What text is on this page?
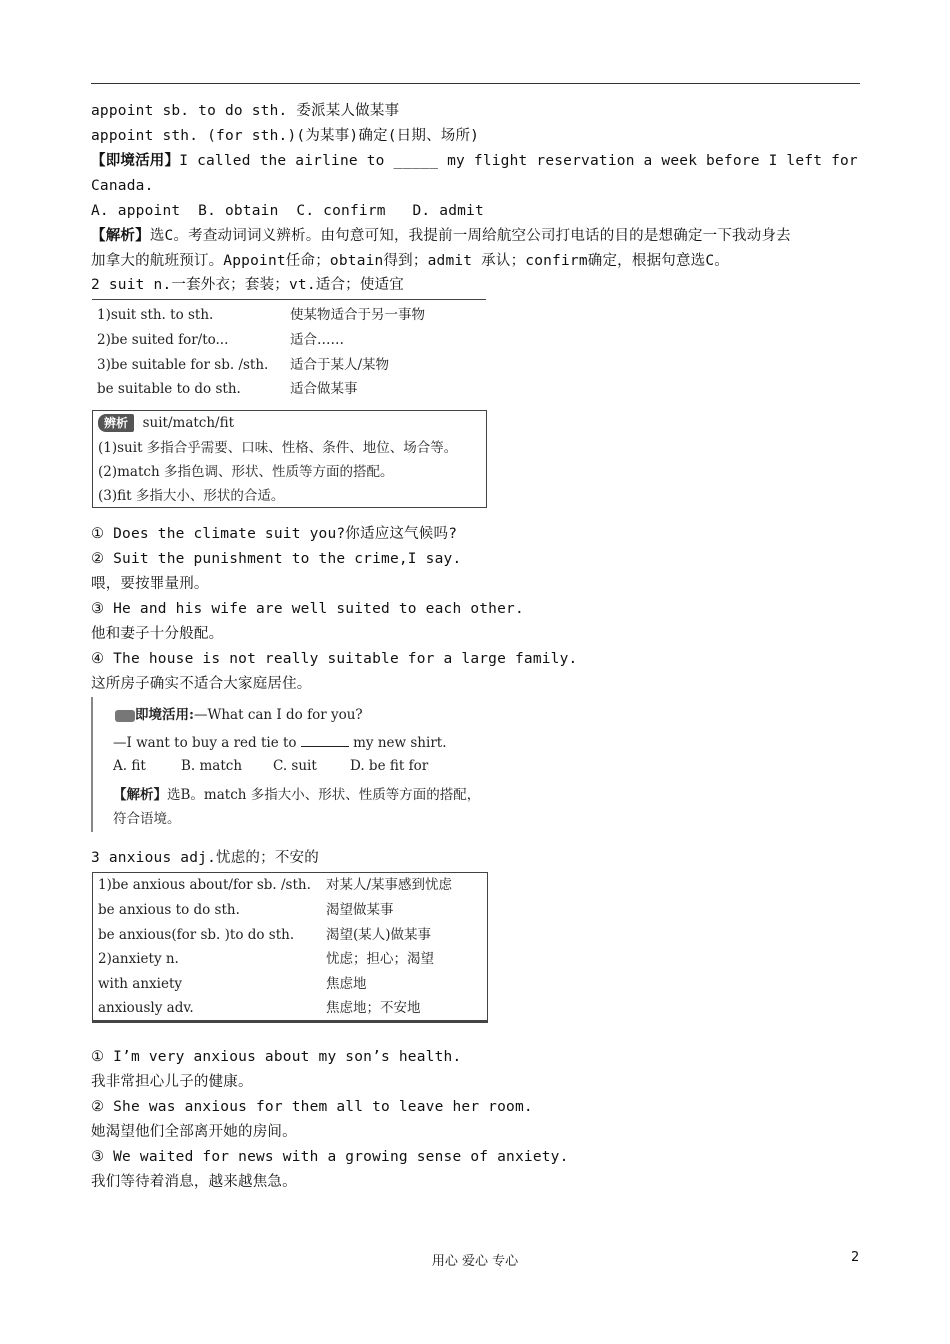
appoint sb. to do sth. 委派某人做某事
appoint sth. (for sth.)(为某事)确定(日期、场所)
【即境活用】I called the airline to _____ my flight reservation a week before I left for
Canada.
A. appoint  B. obtain  C. confirm   D. admit
【解析】选C。考查动词词义辨析。由句意可知，我提前一周给航空公司打电话的目的是想确定一下我动身去
加拿大的航班预订。Appoint任命；obtain得到；admit 承认；confirm确定，根据句意选C。
2 suit n.一套外衣；套装；vt.适合；使适宜
1)suit sth. to sth.	使某物适合于另一事物
2)be suited for/to...	适合……
3)be suitable for sb. /sth. 适合于某人/某物
be suitable to do sth.	适合做某事
辨析 suit/match/fit
(1)suit 多指合乎需要、口味、性格、条件、地位、场合等。
(2)match 多指色调、形状、性质等方面的搭配。
(3)fit 多指大小、形状的合适。
① Does the climate suit you?你适应这气候吗?
② Suit the punishment to the crime,I say.
喂，要按罪量刑。
③ He and his wife are well suited to each other.
他和妻子十分般配。
④ The house is not really suitable for a large family.
这所房子确实不适合大家庭居住。
即境活用:—What can I do for you?
—I want to buy a red tie to	my new shirt.
A. fit	B. match C. suit D. be fit for
【解析】选B。match 多指大小、形状、性质等方面的搭配，
符合语境。
3 anxious adj.忧虑的；不安的
1)be anxious about/for sb. /sth. 对某人/某事感到忧虑
be anxious to do sth.	渴望做某事
be anxious(for sb. )to do sth. 渴望(某人)做某事
2)anxiety n.	忧虑；担心；渴望
with anxiety	焦虑地
anxiously adv.	焦虑地；不安地
① I’m very anxious about my son’s health.
我非常担心儿子的健康。
② She was anxious for them all to leave her room.
她渴望他们全部离开她的房间。
③ We waited for news with a growing sense of anxiety.
我们等待着消息，越来越焦急。
用心 爱心 专心	2
